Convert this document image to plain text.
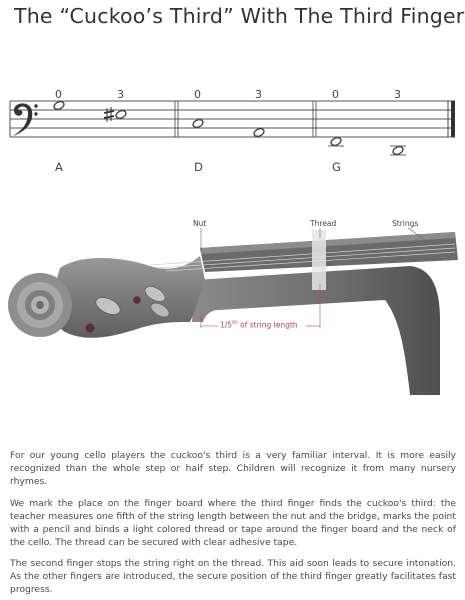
The “Cuckoo’s Third” With The Third Finger
0	3	0	3	0	3
A	D	G
Nut	Thread	Strings
1/5th of string length

For our young cello players the cuckoo's third is a very familiar interval. It is more easily recognized than the whole step or half step. Children will recognize it from many nursery rhymes.

We mark the place on the finger board where the third finger finds the cuckoo's third: the teacher measures one fifth of the string length between the nut and the bridge, marks the point with a pencil and binds a light colored thread or tape around the finger board and the neck of the cello. The thread can be secured with clear adhesive tape.

The second finger stops the string right on the thread. This aid soon leads to secure intonation. As the other fingers are introduced, the secure position of the third finger greatly facilitates fast progress.
